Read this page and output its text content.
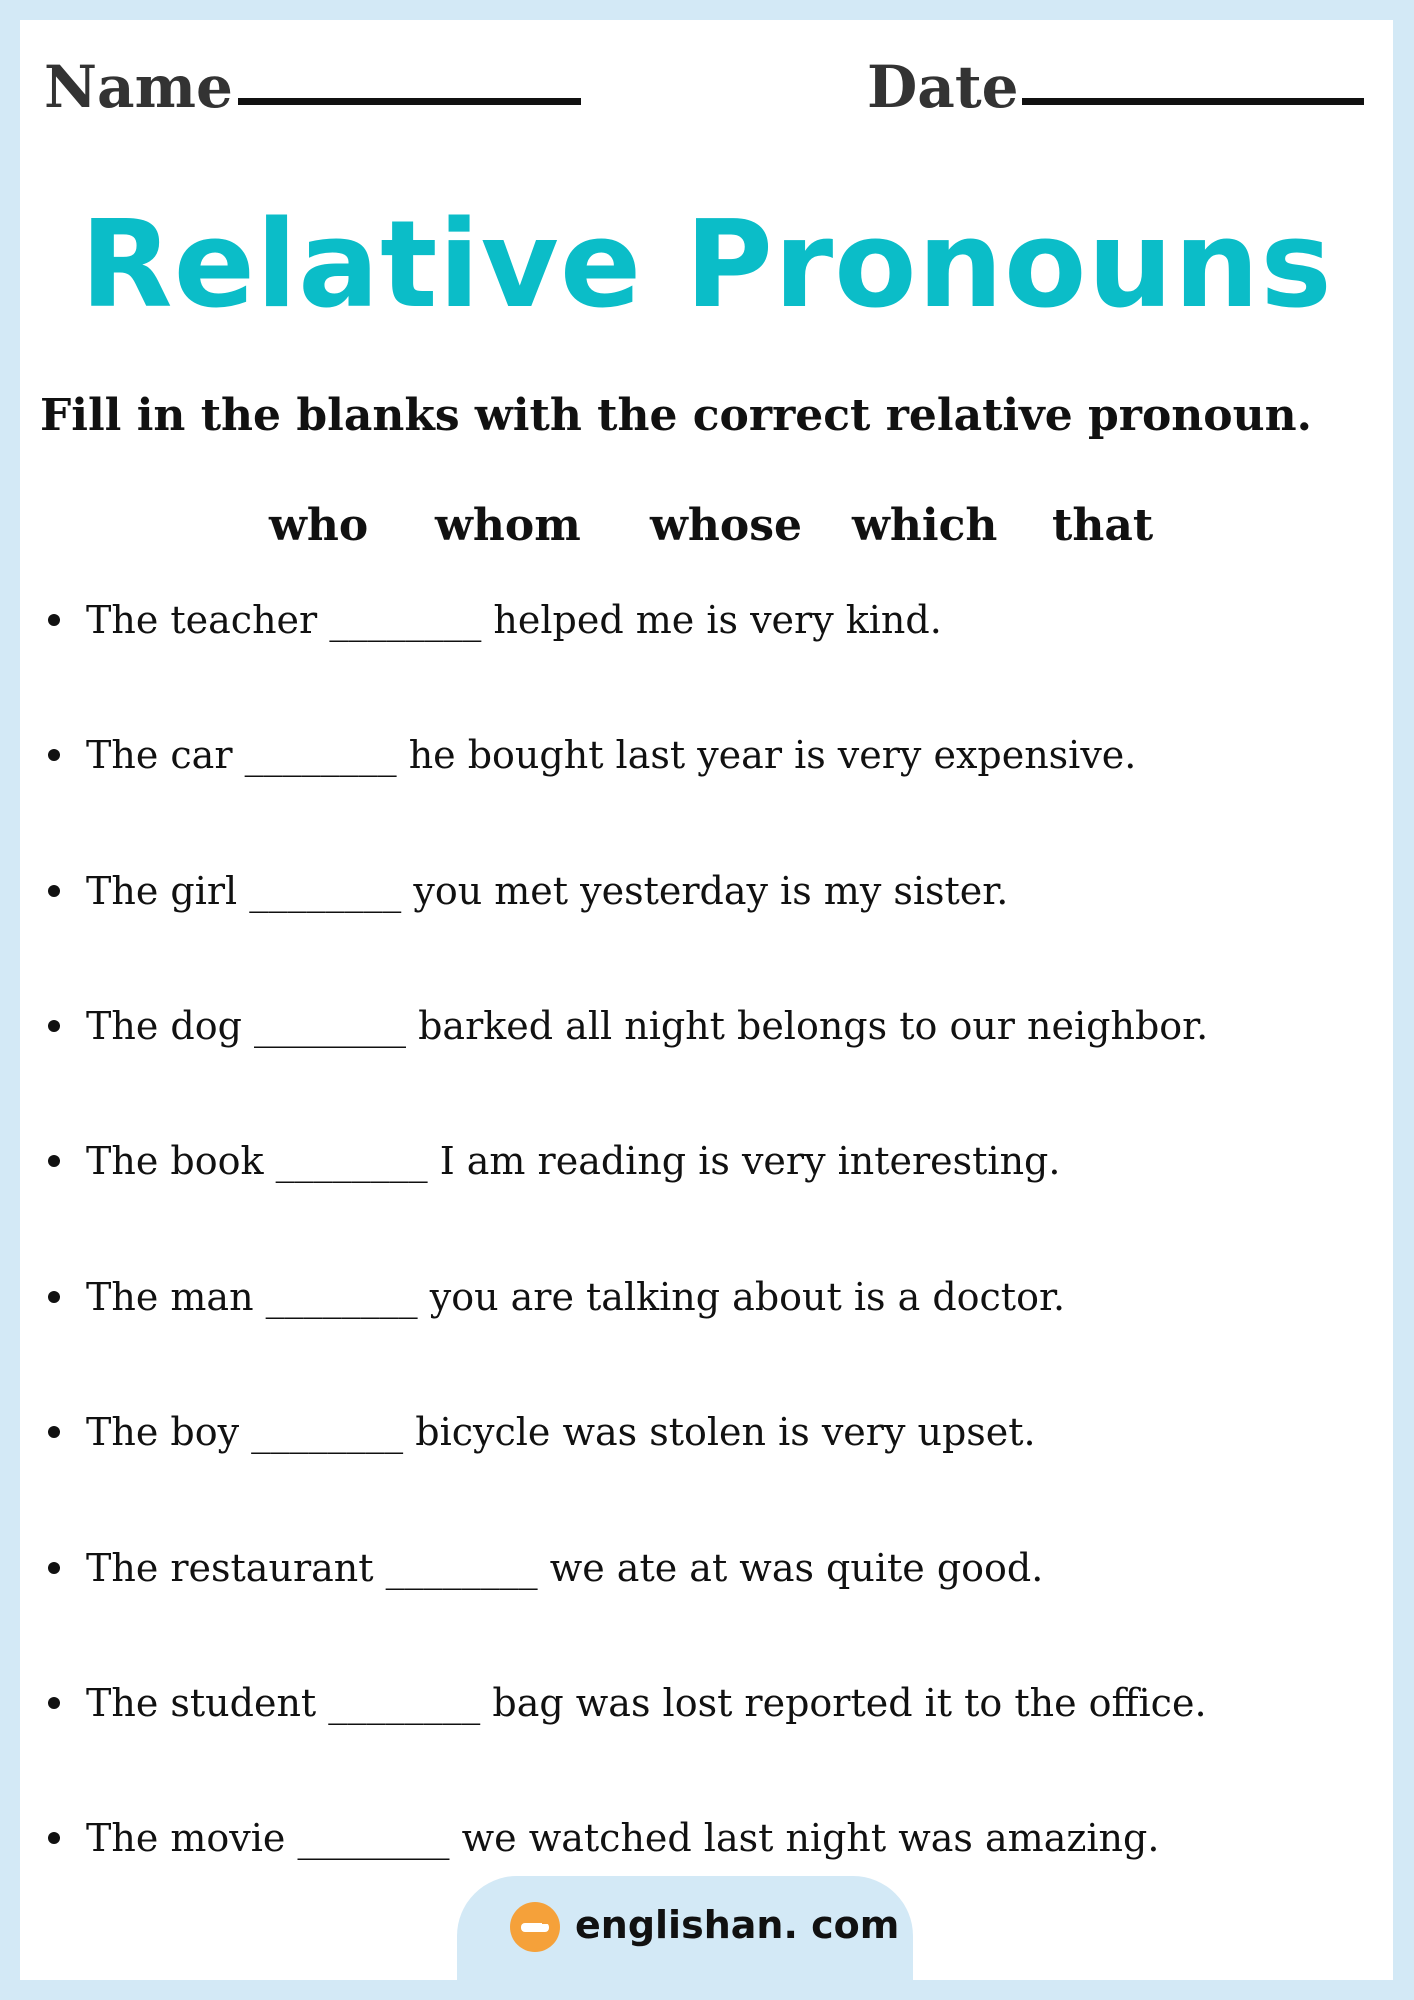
Name	Date
Relative Pronouns
Fill in the blanks with the correct relative pronoun.
who whom whose which that
The teacher
________
helped me is very kind.
The car
________
he bought last year is very expensive.
The girl
________
you met yesterday is my sister.
The dog
________
barked all night belongs to our neighbor.
The book
________
I am reading is very interesting.
The man
________
you are talking about is a doctor.
The boy
________
bicycle was stolen is very upset.
The restaurant
________
we ate at was quite good.
The student
________
bag was lost reported it to the office.
The movie
________
we watched last night was amazing.
englishan. com
